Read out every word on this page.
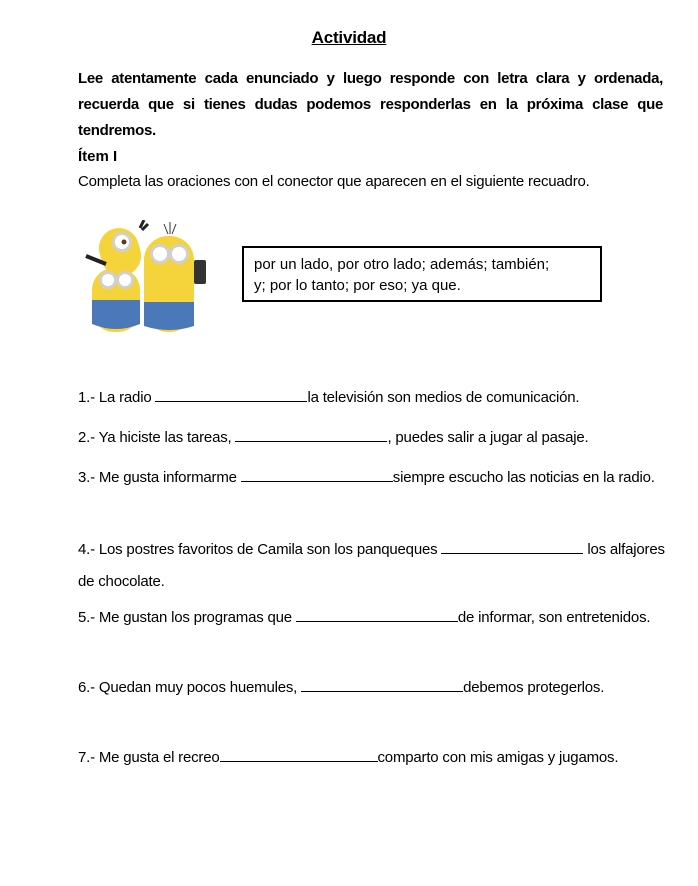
Actividad
Lee atentamente cada enunciado y luego responde con letra clara y ordenada, recuerda que si tienes dudas podemos responderlas en la próxima clase que tendremos.
Ítem I
Completa las oraciones con el conector que aparecen en el siguiente recuadro.
por un lado, por otro lado; además; también;
y; por lo tanto; por eso; ya que.
1.- La radio	la televisión son medios de comunicación.
2.- Ya hiciste las tareas,	, puedes salir a jugar al pasaje.
3.- Me gusta informarme	siempre escucho las noticias en la radio.
4.- Los postres favoritos de Camila son los panqueques	los alfajores de chocolate.
5.- Me gustan los programas que	de informar, son entretenidos.
6.- Quedan muy pocos huemules,	debemos protegerlos.
7.- Me gusta el recreo	comparto con mis amigas y jugamos.
